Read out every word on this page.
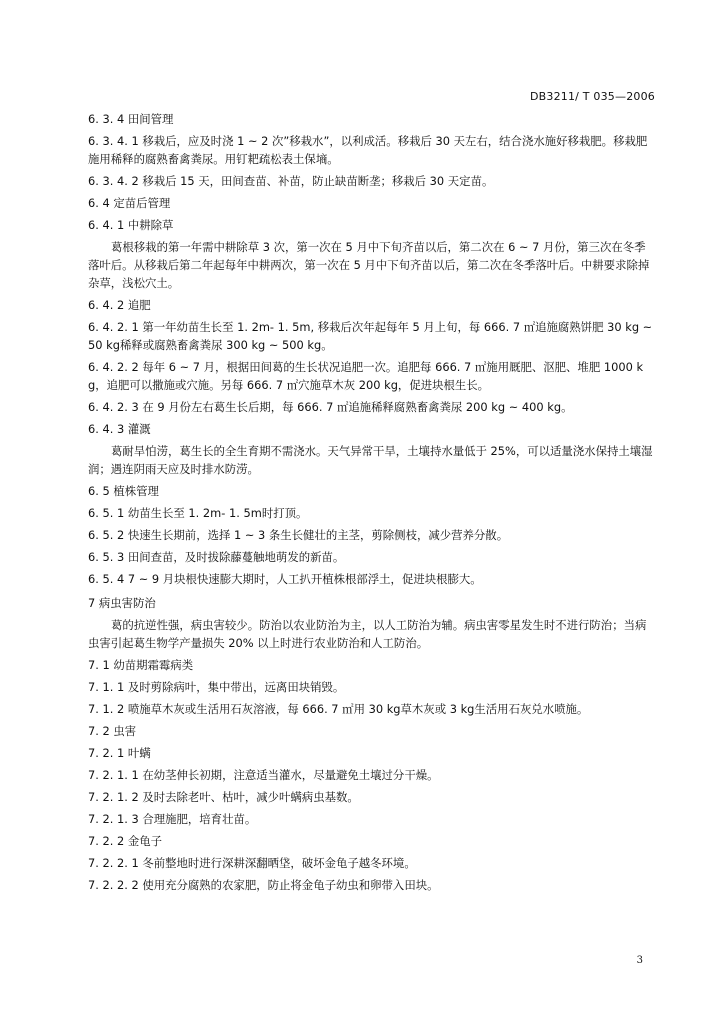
DB3211/ T 035—2006
6. 3. 4 田间管理
6. 3. 4. 1 移栽后，应及时浇 1 ~ 2 次”移栽水”，以利成活。移栽后 30 天左右，结合浇水施好移栽肥。移栽肥施用稀释的腐熟畜禽粪尿。用钉耙疏松表土保墒。
6. 3. 4. 2 移栽后 15 天，田间查苗、补苗，防止缺苗断垄；移栽后 30 天定苗。
6. 4 定苗后管理
6. 4. 1 中耕除草
葛根移栽的第一年需中耕除草 3 次，第一次在 5 月中下旬齐苗以后，第二次在 6 ~ 7 月份，第三次在冬季落叶后。从移栽后第二年起每年中耕两次，第一次在 5 月中下旬齐苗以后，第二次在冬季落叶后。中耕要求除掉杂草，浅松穴土。
6. 4. 2 追肥
6. 4. 2. 1 第一年幼苗生长至 1. 2m- 1. 5m, 移栽后次年起每年 5 月上旬，每 666. 7 ㎡追施腐熟饼肥 30 kg ~ 50 kg稀释或腐熟畜禽粪尿 300 kg ~ 500 kg。
6. 4. 2. 2 每年 6 ~ 7 月，根据田间葛的生长状况追肥一次。追肥每 666. 7 ㎡施用厩肥、沤肥、堆肥 1000 kg，追肥可以撒施或穴施。另每 666. 7 ㎡穴施草木灰 200 kg，促进块根生长。
6. 4. 2. 3 在 9 月份左右葛生长后期，每 666. 7 ㎡追施稀释腐熟畜禽粪尿 200 kg ~ 400 kg。
6. 4. 3 灌溉
葛耐旱怕涝，葛生长的全生育期不需浇水。天气异常干旱，土壤持水量低于 25%，可以适量浇水保持土壤湿润；遇连阴雨天应及时排水防涝。
6. 5 植株管理
6. 5. 1 幼苗生长至 1. 2m- 1. 5m时打顶。
6. 5. 2 快速生长期前，选择 1 ~ 3 条生长健壮的主茎，剪除侧枝，减少营养分散。
6. 5. 3 田间查苗，及时拔除藤蔓触地萌发的新苗。
6. 5. 4 7 ~ 9 月块根快速膨大期时，人工扒开植株根部浮土，促进块根膨大。
7 病虫害防治
葛的抗逆性强，病虫害较少。防治以农业防治为主，以人工防治为辅。病虫害零星发生时不进行防治；当病虫害引起葛生物学产量损失 20% 以上时进行农业防治和人工防治。
7. 1 幼苗期霜霉病类
7. 1. 1 及时剪除病叶，集中带出，远离田块销毁。
7. 1. 2 喷施草木灰或生活用石灰溶液，每 666. 7 ㎡用 30 kg草木灰或 3 kg生活用石灰兑水喷施。
7. 2 虫害
7. 2. 1 叶螨
7. 2. 1. 1 在幼茎伸长初期，注意适当灌水，尽量避免土壤过分干燥。
7. 2. 1. 2 及时去除老叶、枯叶，减少叶螨病虫基数。
7. 2. 1. 3 合理施肥，培育壮苗。
7. 2. 2 金龟子
7. 2. 2. 1 冬前整地时进行深耕深翻晒垡，破坏金龟子越冬环境。
7. 2. 2. 2 使用充分腐熟的农家肥，防止将金龟子幼虫和卵带入田块。
3
